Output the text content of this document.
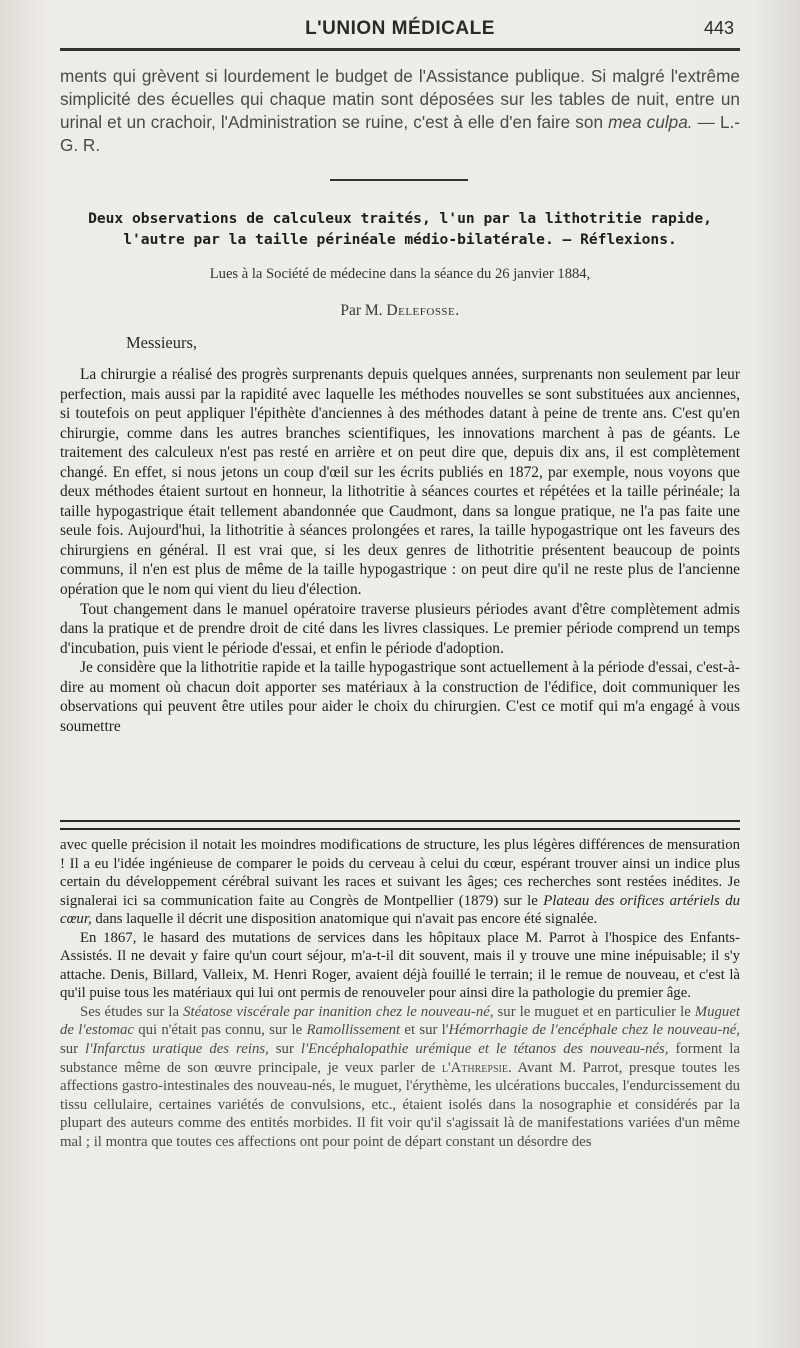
L'UNION MÉDICALE	443

ments qui grèvent si lourdement le budget de l'Assistance publique. Si malgré l'extrême simplicité des écuelles qui chaque matin sont déposées sur les tables de nuit, entre un urinal et un crachoir, l'Administration se ruine, c'est à elle d'en faire son mea culpa. — L.-G. R.

Deux observations de calculeux traités, l'un par la lithotritie rapide,

l'autre par la taille périnéale médio-bilatérale. — Réflexions.

Lues à la Société de médecine dans la séance du 26 janvier 1884,
Par M. Delefosse.
Messieurs,

La chirurgie a réalisé des progrès surprenants depuis quelques années, surprenants non seulement par leur perfection, mais aussi par la rapidité avec laquelle les méthodes nouvelles se sont substituées aux anciennes, si toutefois on peut appliquer l'épithète d'anciennes à des méthodes datant à peine de trente ans. C'est qu'en chirurgie, comme dans les autres branches scientifiques, les innovations marchent à pas de géants. Le traitement des calculeux n'est pas resté en arrière et on peut dire que, depuis dix ans, il est complètement changé. En effet, si nous jetons un coup d'œil sur les écrits publiés en 1872, par exemple, nous voyons que deux méthodes étaient surtout en honneur, la lithotritie à séances courtes et répétées et la taille périnéale; la taille hypogastrique était tellement abandonnée que Caudmont, dans sa longue pratique, ne l'a pas faite une seule fois. Aujourd'hui, la lithotritie à séances prolongées et rares, la taille hypogastrique ont les faveurs des chirurgiens en général. Il est vrai que, si les deux genres de lithotritie présentent beaucoup de points communs, il n'en est plus de même de la taille hypogastrique : on peut dire qu'il ne reste plus de l'ancienne opération que le nom qui vient du lieu d'élection.

Tout changement dans le manuel opératoire traverse plusieurs périodes avant d'être complètement admis dans la pratique et de prendre droit de cité dans les livres classiques. Le premier période comprend un temps d'incubation, puis vient le période d'essai, et enfin le période d'adoption.

Je considère que la lithotritie rapide et la taille hypogastrique sont actuellement à la période d'essai, c'est-à-dire au moment où chacun doit apporter ses matériaux à la construction de l'édifice, doit communiquer les observations qui peuvent être utiles pour aider le choix du chirurgien. C'est ce motif qui m'a engagé à vous soumettre

avec quelle précision il notait les moindres modifications de structure, les plus légères différences de mensuration ! Il a eu l'idée ingénieuse de comparer le poids du cerveau à celui du cœur, espérant trouver ainsi un indice plus certain du développement cérébral suivant les races et suivant les âges; ces recherches sont restées inédites. Je signalerai ici sa communication faite au Congrès de Montpellier (1879) sur le Plateau des orifices artériels du cœur, dans laquelle il décrit une disposition anatomique qui n'avait pas encore été signalée.

En 1867, le hasard des mutations de services dans les hôpitaux place M. Parrot à l'hospice des Enfants-Assistés. Il ne devait y faire qu'un court séjour, m'a-t-il dit souvent, mais il y trouve une mine inépuisable; il s'y attache. Denis, Billard, Valleix, M. Henri Roger, avaient déjà fouillé le terrain; il le remue de nouveau, et c'est là qu'il puise tous les matériaux qui lui ont permis de renouveler pour ainsi dire la pathologie du premier âge.

Ses études sur la Stéatose viscérale par inanition chez le nouveau-né, sur le muguet et en particulier le Muguet de l'estomac qui n'était pas connu, sur le Ramollissement et sur l'Hémorrhagie de l'encéphale chez le nouveau-né, sur l'Infarctus uratique des reins, sur l'Encéphalopathie urémique et le tétanos des nouveau-nés, forment la substance même de son œuvre principale, je veux parler de l'Athrepsie. Avant M. Parrot, presque toutes les affections gastro-intestinales des nouveau-nés, le muguet, l'érythème, les ulcérations buccales, l'endurcissement du tissu cellulaire, certaines variétés de convulsions, etc., étaient isolés dans la nosographie et considérés par la plupart des auteurs comme des entités morbides. Il fit voir qu'il s'agissait là de manifestations variées d'un même mal ; il montra que toutes ces affections ont pour point de départ constant un désordre des
